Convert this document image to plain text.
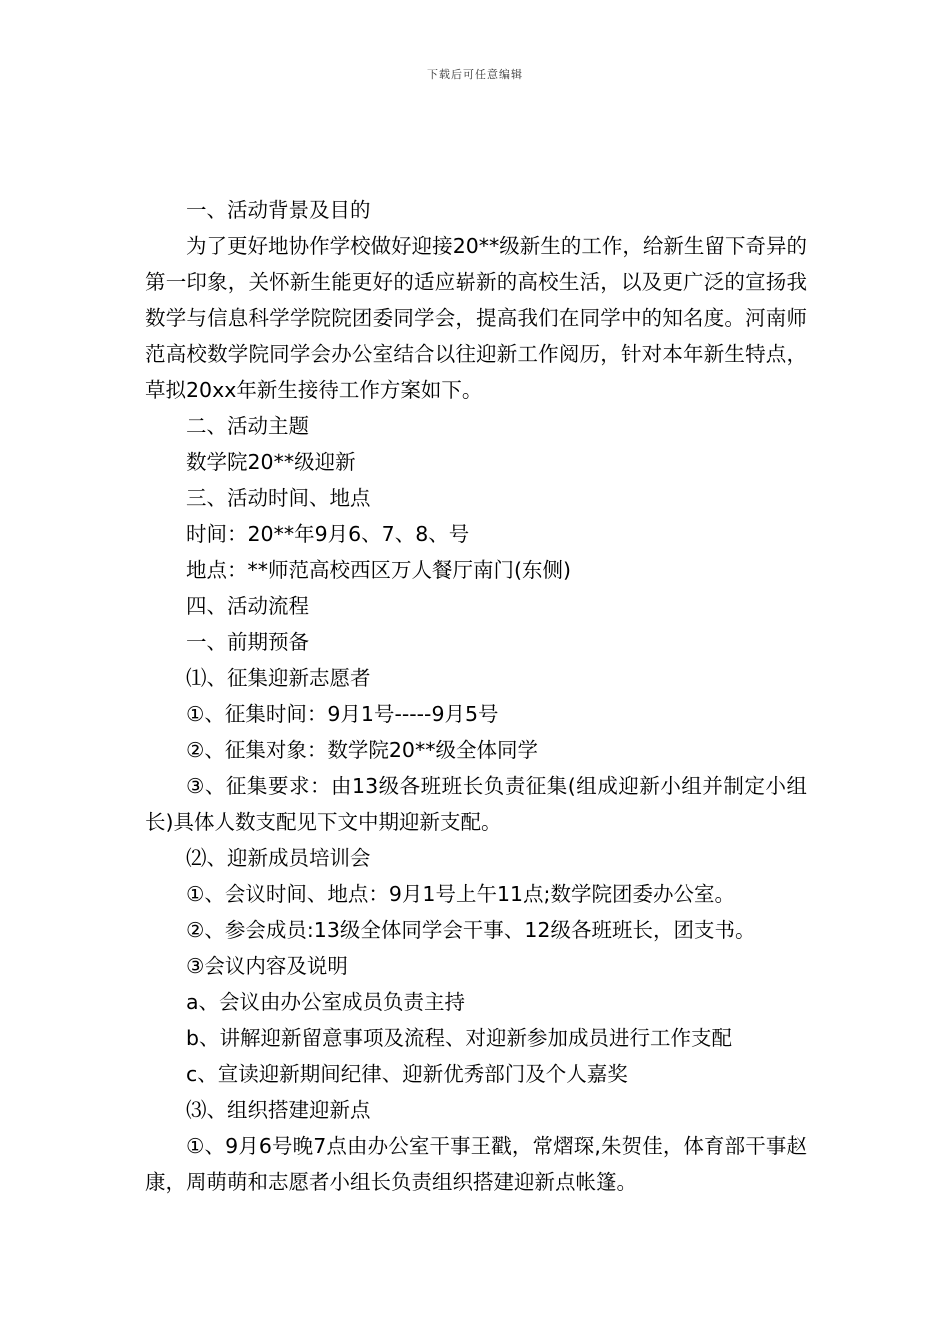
下载后可任意编辑

一、活动背景及目的

为了更好地协作学校做好迎接20**级新生的工作，给新生留下奇异的第一印象，关怀新生能更好的适应崭新的高校生活，以及更广泛的宣扬我数学与信息科学学院院团委同学会，提高我们在同学中的知名度。河南师范高校数学院同学会办公室结合以往迎新工作阅历，针对本年新生特点，草拟20xx年新生接待工作方案如下。

二、活动主题

数学院20**级迎新

三、活动时间、地点

时间：20**年9月6、7、8、号

地点：**师范高校西区万人餐厅南门(东侧)

四、活动流程

一、前期预备

⑴、征集迎新志愿者

①、征集时间：9月1号-----9月5号

②、征集对象：数学院20**级全体同学

③、征集要求：由13级各班班长负责征集(组成迎新小组并制定小组长)具体人数支配见下文中期迎新支配。

⑵、迎新成员培训会

①、会议时间、地点：9月1号上午11点;数学院团委办公室。

②、参会成员:13级全体同学会干事、12级各班班长，团支书。

③会议内容及说明

a、会议由办公室成员负责主持

b、讲解迎新留意事项及流程、对迎新参加成员进行工作支配

c、宣读迎新期间纪律、迎新优秀部门及个人嘉奖

⑶、组织搭建迎新点

①、9月6号晚7点由办公室干事王戳，常熠琛,朱贺佳，体育部干事赵康，周萌萌和志愿者小组长负责组织搭建迎新点帐篷。
